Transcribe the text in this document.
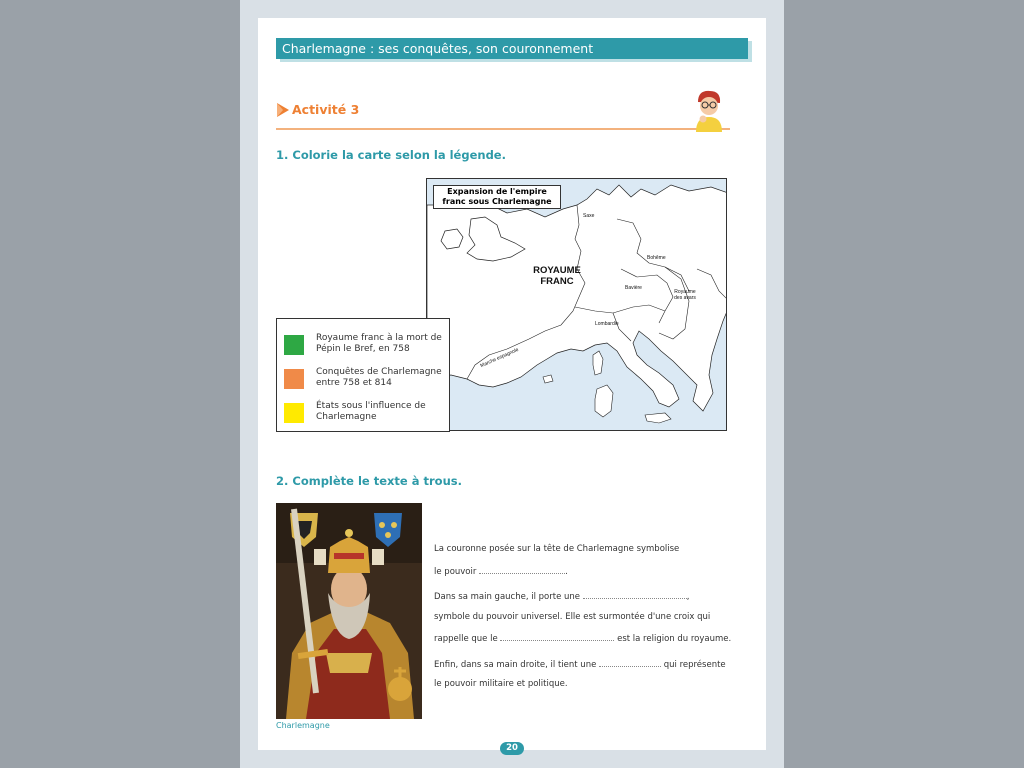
Charlemagne : ses conquêtes, son couronnement
Activité 3
1. Colorie la carte selon la légende.
Expansion de l'empire franc sous Charlemagne
ROYAUME FRANC
Saxe
Bohême
Bavière
Royaume des avars
Lombardie
Marche espagnole
Royaume franc à la mort de Pépin le Bref, en 758
Conquêtes de Charlemagne entre 758 et 814
États sous l'influence de Charlemagne
2. Complète le texte à trous.
Charlemagne
La couronne posée sur la tête de Charlemagne symbolise
le pouvoir	.
Dans sa main gauche, il porte une	,
symbole du pouvoir universel. Elle est surmontée d'une croix qui
rappelle que le	est la religion du royaume.
Enfin, dans sa main droite, il tient une	qui représente
le pouvoir militaire et politique.
20
